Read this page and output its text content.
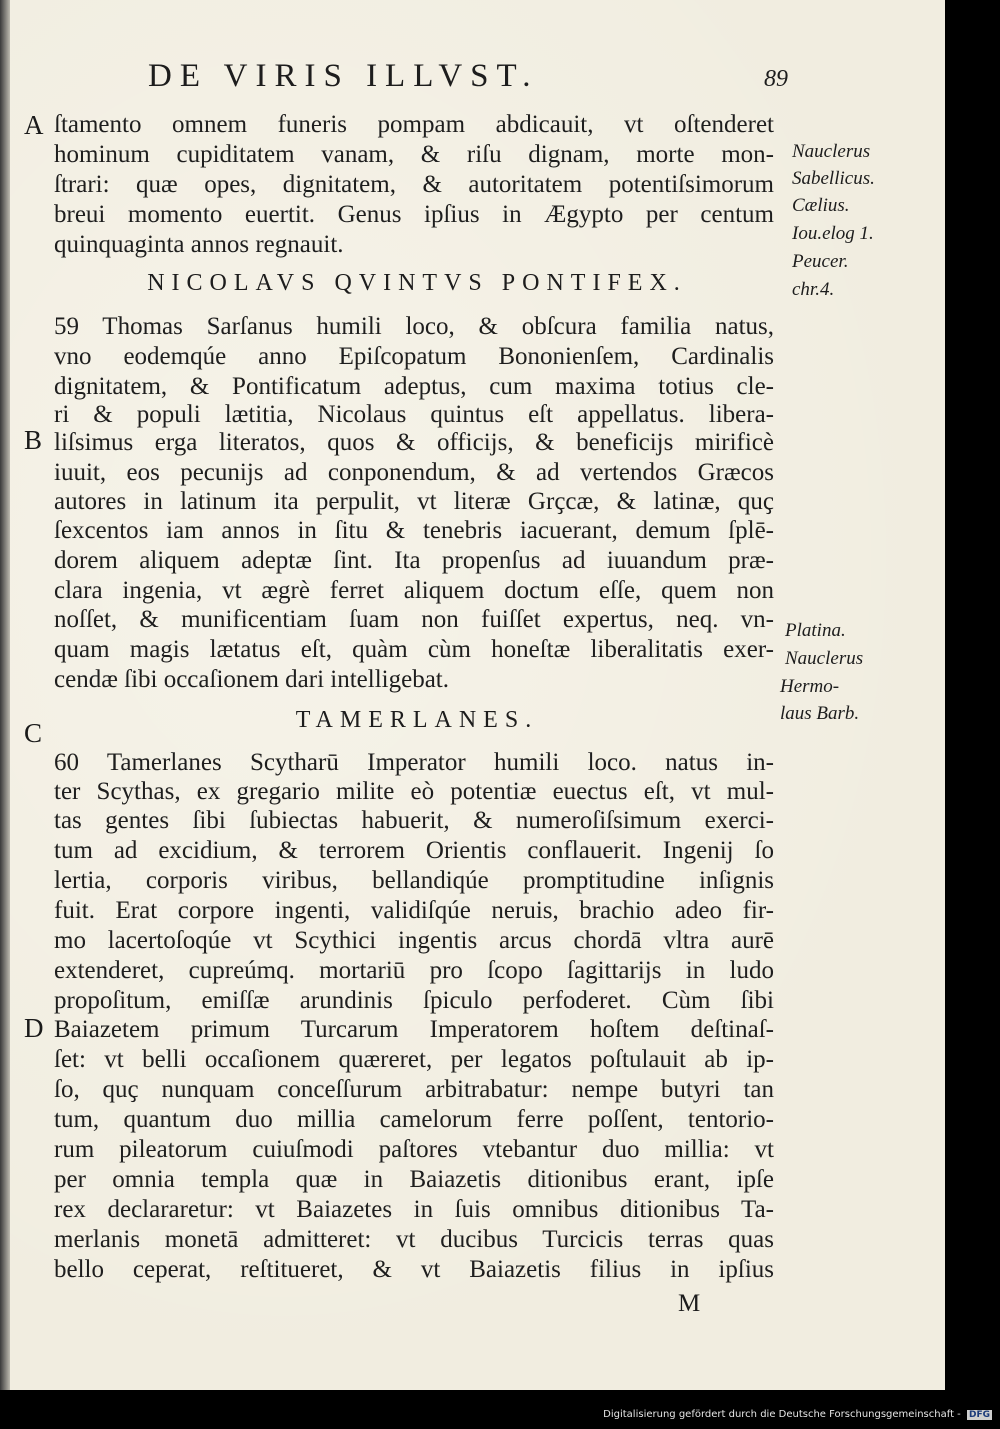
DE VIRIS ILLVST.	89
A
B
C
D
ſtamento omnem funeris pompam abdicauit, vt oſtenderet
hominum cupiditatem vanam, & riſu dignam, morte mon-
ſtrari: quæ opes, dignitatem, & autoritatem potentiſsimorum
breui momento euertit. Genus ipſius in Ægypto per centum
quinquaginta annos regnauit.
NICOLAVS QVINTVS PONTIFEX.
59 Thomas Sarſanus humili loco, & obſcura familia natus,
vno eodemqúe anno Epiſcopatum Bononienſem, Cardinalis
dignitatem, & Pontificatum adeptus, cum maxima totius cle-
ri & populi lætitia, Nicolaus quintus eſt appellatus. libera-
liſsimus erga literatos, quos & officijs, & beneficijs mirificè
iuuit, eos pecunijs ad conponendum, & ad vertendos Græcos
autores in latinum ita perpulit, vt literæ Grҫcæ, & latinæ, quҫ
ſexcentos iam annos in ſitu & tenebris iacuerant, demum ſplē-
dorem aliquem adeptæ ſint. Ita propenſus ad iuuandum præ-
clara ingenia, vt ægrè ferret aliquem doctum eſſe, quem non
noſſet, & munificentiam ſuam non fuiſſet expertus, neq. vn-
quam magis lætatus eſt, quàm cùm honeſtæ liberalitatis exer-
cendæ ſibi occaſionem dari intelligebat.
TAMERLANES.
60 Tamerlanes Scytharū Imperator humili loco. natus in-
ter Scythas, ex gregario milite eò potentiæ euectus eſt, vt mul-
tas gentes ſibi ſubiectas habuerit, & numeroſiſsimum exerci-
tum ad excidium, & terrorem Orientis conflauerit. Ingenij ſo
lertia, corporis viribus, bellandiqúe promptitudine inſignis
fuit. Erat corpore ingenti, validiſqúe neruis, brachio adeo fir-
mo lacertoſoqúe vt Scythici ingentis arcus chordā vltra aurē
extenderet, cupreúmq. mortariū pro ſcopo ſagittarijs in ludo
propoſitum, emiſſæ arundinis ſpiculo perfoderet. Cùm ſibi
Baiazetem primum Turcarum Imperatorem hoſtem deſtinaſ-
ſet: vt belli occaſionem quæreret, per legatos poſtulauit ab ip-
ſo, quҫ nunquam conceſſurum arbitrabatur: nempe butyri tan
tum, quantum duo millia camelorum ferre poſſent, tentorio-
rum pileatorum cuiuſmodi paſtores vtebantur duo millia: vt
per omnia templa quæ in Baiazetis ditionibus erant, ipſe
rex declararetur: vt Baiazetes in ſuis omnibus ditionibus Ta-
merlanis monetā admitteret: vt ducibus Turcicis terras quas
bello ceperat, reſtitueret, & vt Baiazetis filius in ipſius
Nauclerus
Sabellicus.
Cælius.
Iou.elog 1.
Peucer.
chr.4.
Platina.
Nauclerus
Hermo-
laus Barb.
M
Digitalisierung gefördert durch die Deutsche Forschungsgemeinschaft - DFG
